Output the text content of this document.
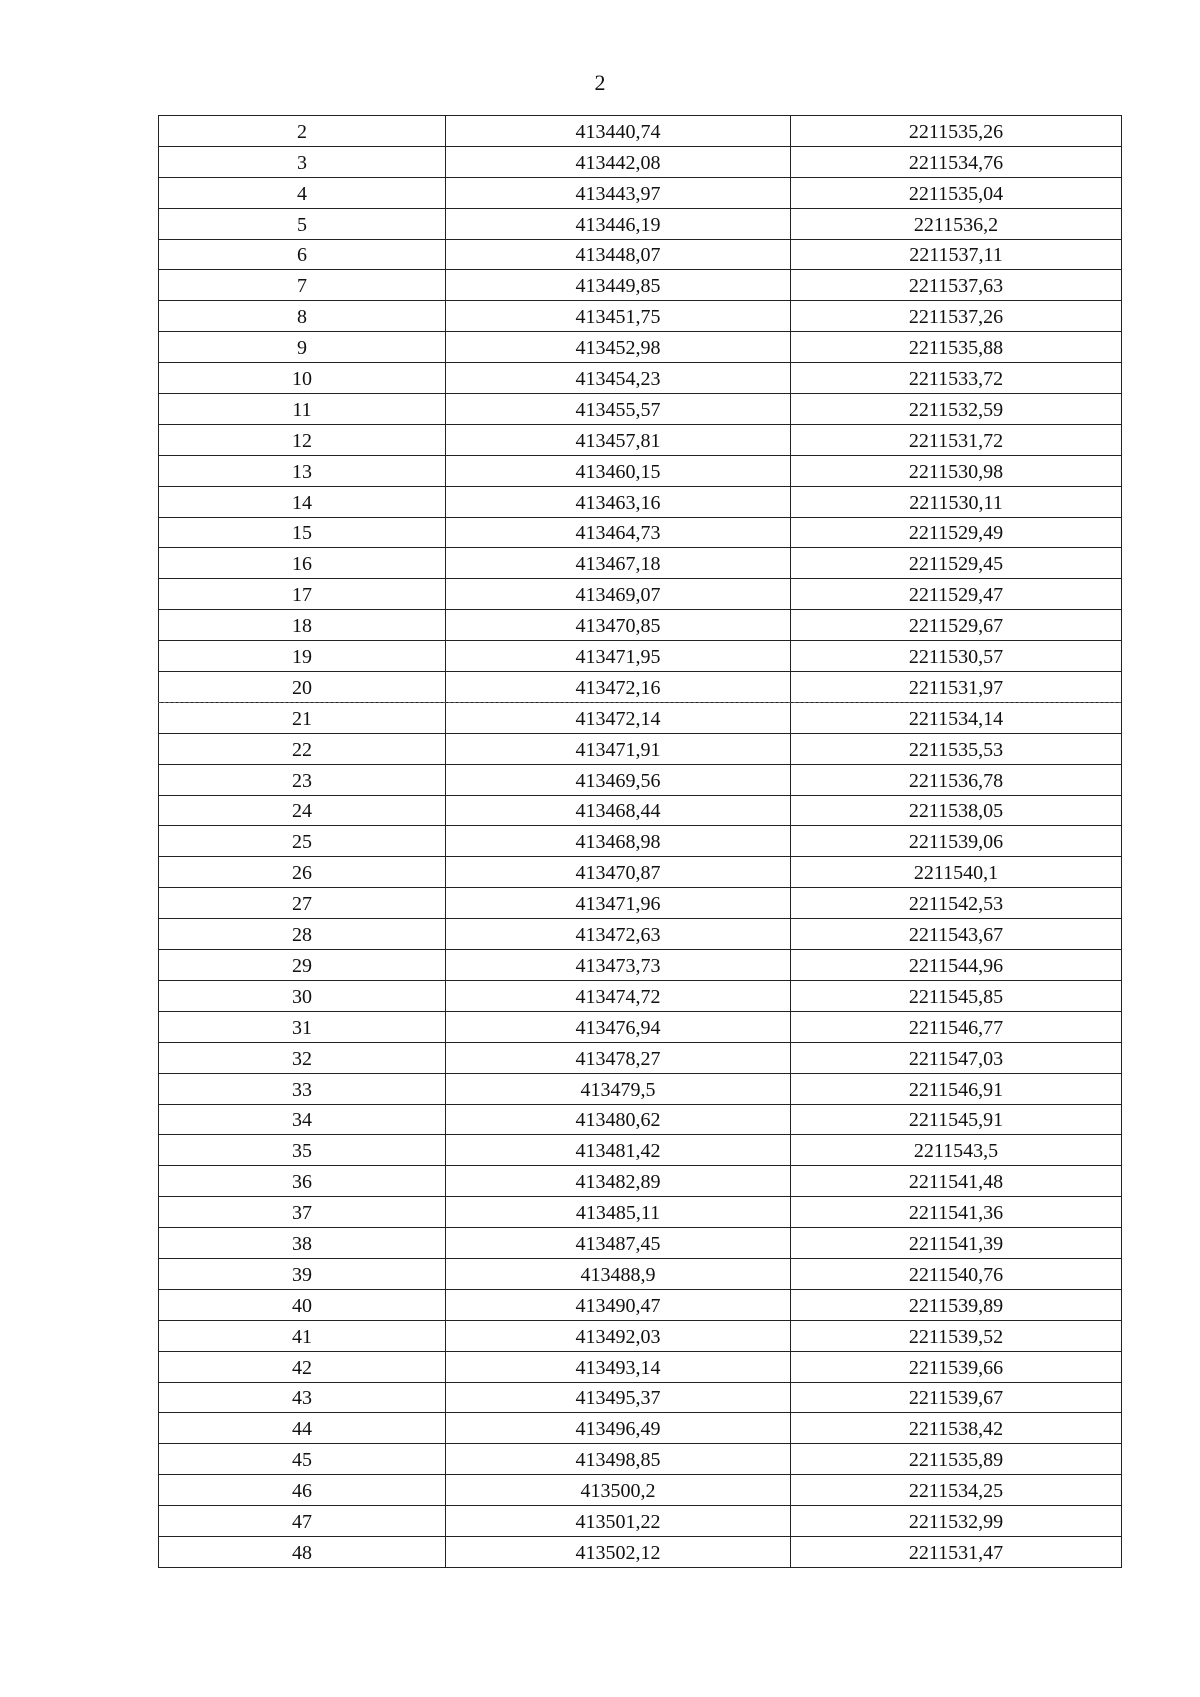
2
2	413440,74	2211535,26
3	413442,08	2211534,76
4	413443,97	2211535,04
5	413446,19	2211536,2
6	413448,07	2211537,11
7	413449,85	2211537,63
8	413451,75	2211537,26
9	413452,98	2211535,88
10	413454,23	2211533,72
11	413455,57	2211532,59
12	413457,81	2211531,72
13	413460,15	2211530,98
14	413463,16	2211530,11
15	413464,73	2211529,49
16	413467,18	2211529,45
17	413469,07	2211529,47
18	413470,85	2211529,67
19	413471,95	2211530,57
20	413472,16	2211531,97
21	413472,14	2211534,14
22	413471,91	2211535,53
23	413469,56	2211536,78
24	413468,44	2211538,05
25	413468,98	2211539,06
26	413470,87	2211540,1
27	413471,96	2211542,53
28	413472,63	2211543,67
29	413473,73	2211544,96
30	413474,72	2211545,85
31	413476,94	2211546,77
32	413478,27	2211547,03
33	413479,5	2211546,91
34	413480,62	2211545,91
35	413481,42	2211543,5
36	413482,89	2211541,48
37	413485,11	2211541,36
38	413487,45	2211541,39
39	413488,9	2211540,76
40	413490,47	2211539,89
41	413492,03	2211539,52
42	413493,14	2211539,66
43	413495,37	2211539,67
44	413496,49	2211538,42
45	413498,85	2211535,89
46	413500,2	2211534,25
47	413501,22	2211532,99
48	413502,12	2211531,47
